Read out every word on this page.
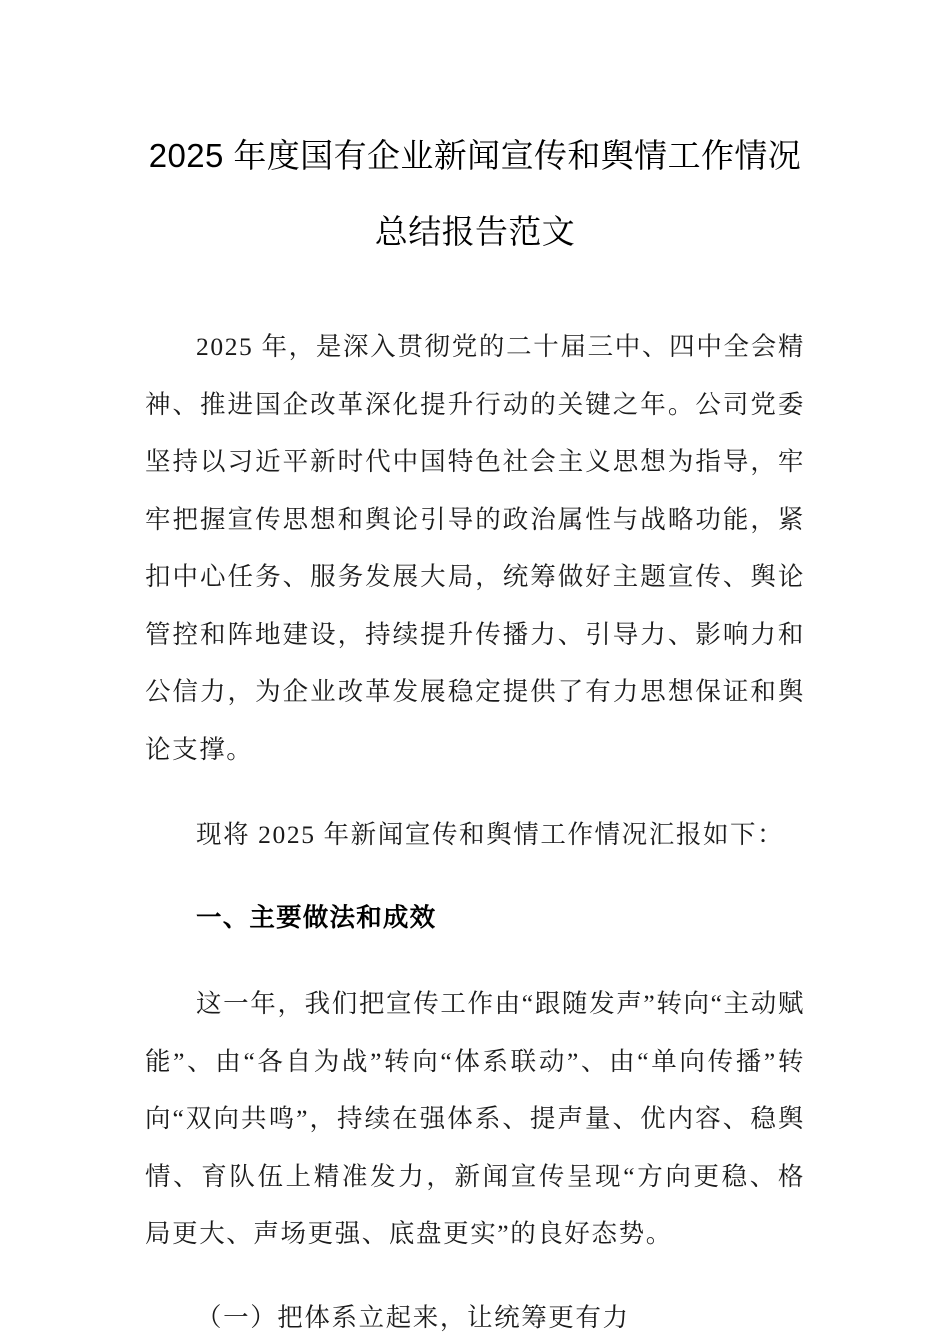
2025 年度国有企业新闻宣传和舆情工作情况总结报告范文

2025 年，是深入贯彻党的二十届三中、四中全会精神、推进国企改革深化提升行动的关键之年。公司党委坚持以习近平新时代中国特色社会主义思想为指导，牢牢把握宣传思想和舆论引导的政治属性与战略功能，紧扣中心任务、服务发展大局，统筹做好主题宣传、舆论管控和阵地建设，持续提升传播力、引导力、影响力和公信力，为企业改革发展稳定提供了有力思想保证和舆论支撑。

现将 2025 年新闻宣传和舆情工作情况汇报如下：

一、主要做法和成效

这一年，我们把宣传工作由“跟随发声”转向“主动赋能”、由“各自为战”转向“体系联动”、由“单向传播”转向“双向共鸣”，持续在强体系、提声量、优内容、稳舆情、育队伍上精准发力，新闻宣传呈现“方向更稳、格局更大、声场更强、底盘更实”的良好态势。

（一）把体系立起来，让统筹更有力
